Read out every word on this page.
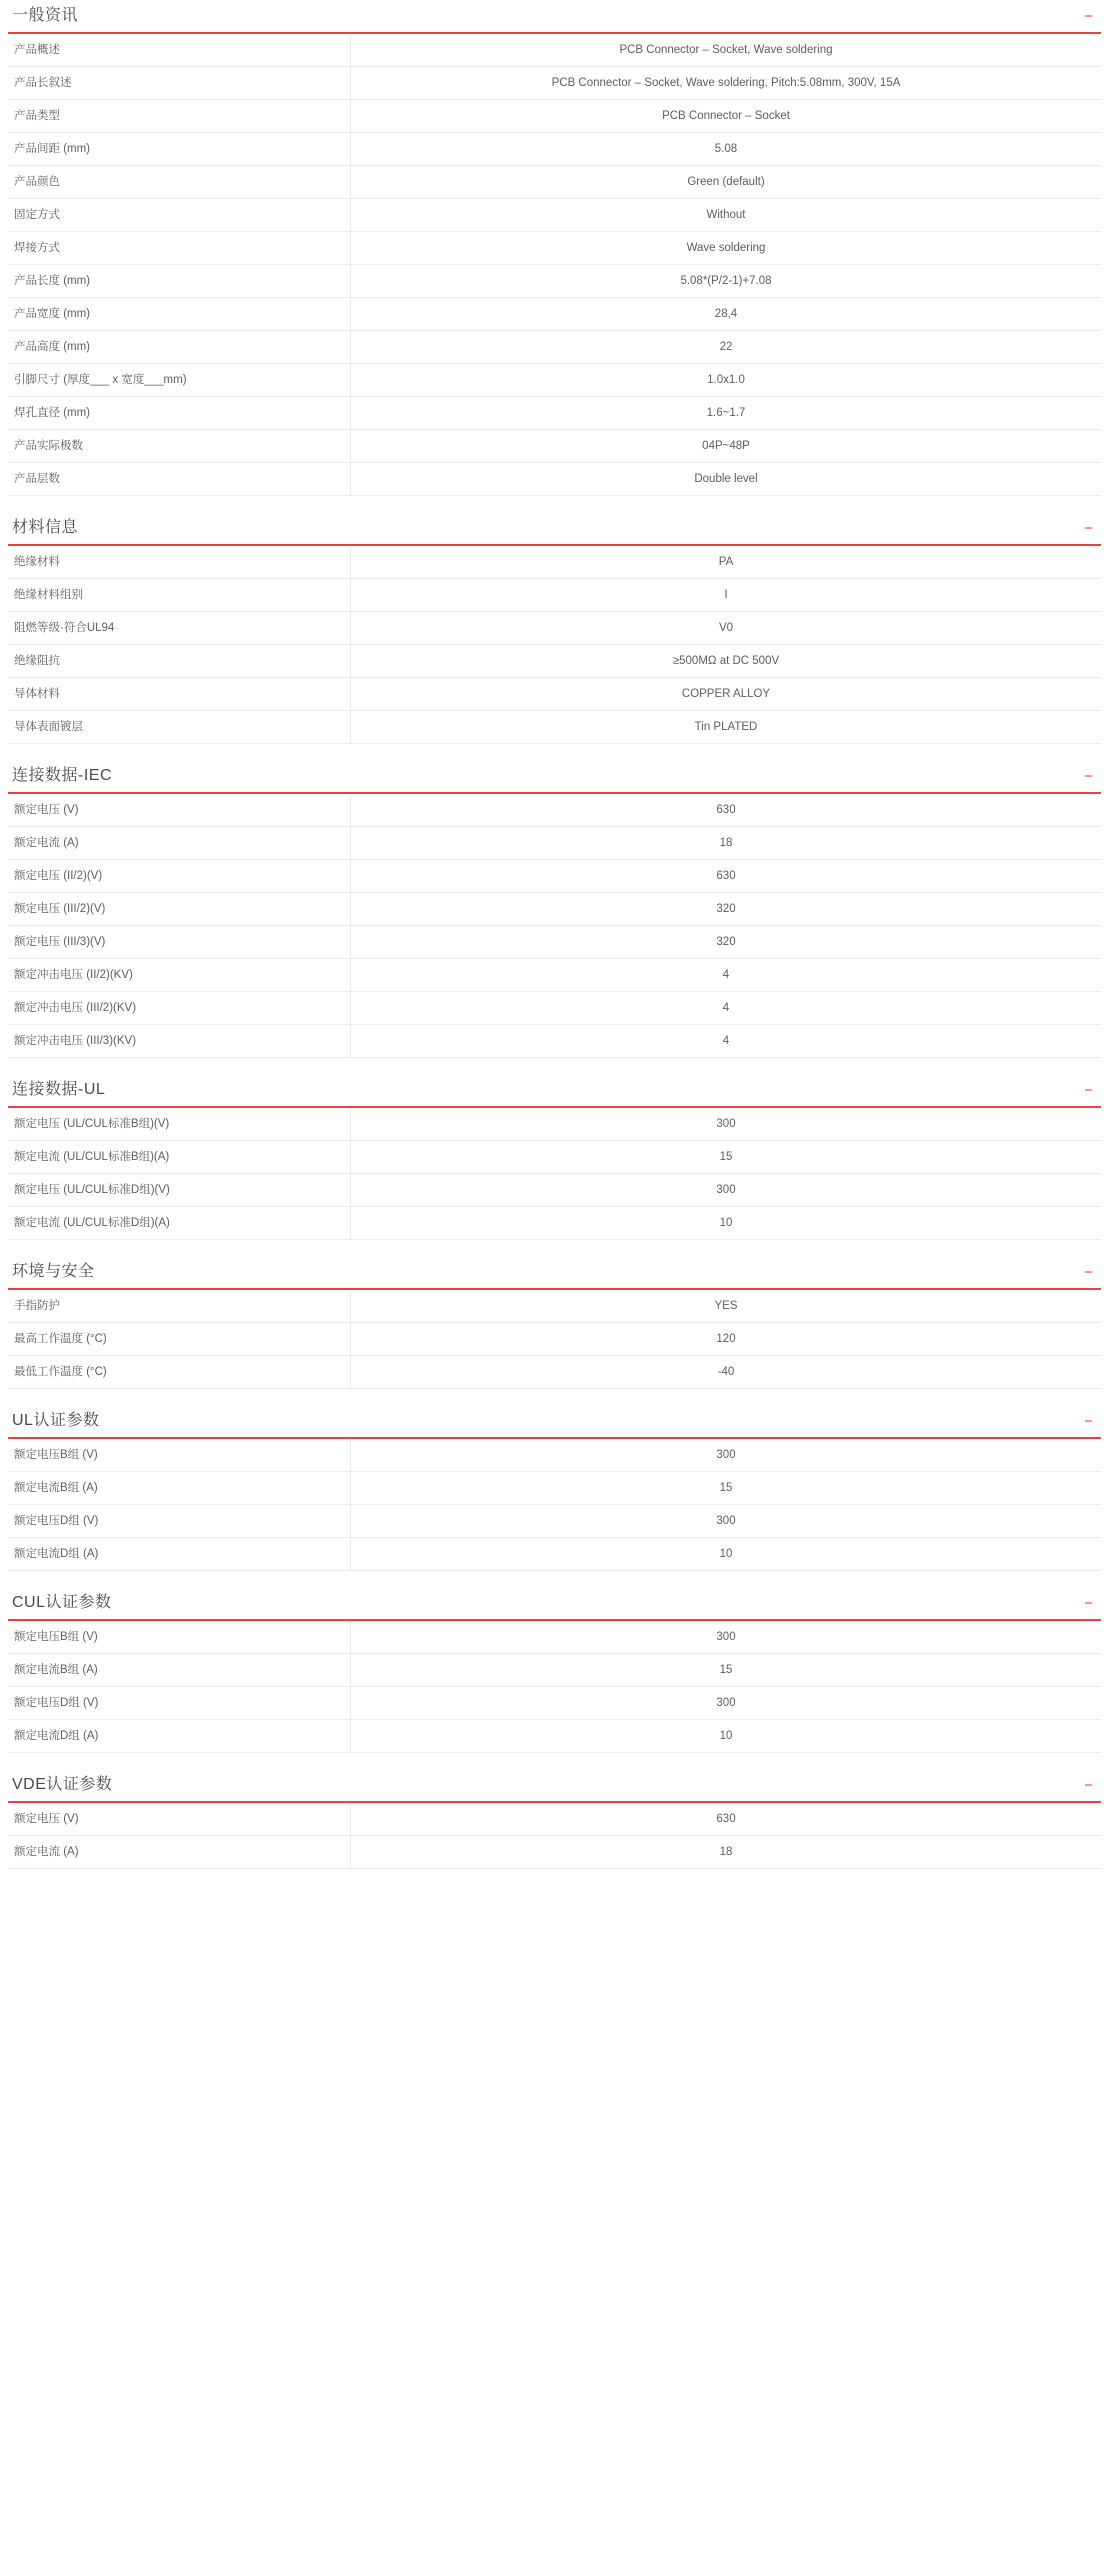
一般资讯	−
产品概述	PCB Connector – Socket, Wave soldering
产品长叙述	PCB Connector – Socket, Wave soldering, Pitch:5.08mm, 300V, 15A
产品类型	PCB Connector – Socket
产品间距 (mm)	5.08
产品颜色	Green (default)
固定方式	Without
焊接方式	Wave soldering
产品长度 (mm)	5.08*(P/2-1)+7.08
产品宽度 (mm)	28,4
产品高度 (mm)	22
引脚尺寸 (厚度___ x 宽度___mm)	1.0x1.0
焊孔直径 (mm)	1.6~1.7
产品实际极数	04P~48P
产品层数	Double level
材料信息	−
绝缘材料	PA
绝缘材料组别	I
阻燃等级·符合UL94	V0
绝缘阻抗	≥500MΩ at DC 500V
导体材料	COPPER ALLOY
导体表面镀层	Tin PLATED
连接数据-IEC	−
额定电压 (V)	630
额定电流 (A)	18
额定电压 (II/2)(V)	630
额定电压 (III/2)(V)	320
额定电压 (III/3)(V)	320
额定冲击电压 (II/2)(KV)	4
额定冲击电压 (III/2)(KV)	4
额定冲击电压 (III/3)(KV)	4
连接数据-UL	−
额定电压 (UL/CUL标准B组)(V)	300
额定电流 (UL/CUL标准B组)(A)	15
额定电压 (UL/CUL标准D组)(V)	300
额定电流 (UL/CUL标准D组)(A)	10
环境与安全	−
手指防护	YES
最高工作温度 (°C)	120
最低工作温度 (°C)	-40
UL认证参数	−
额定电压B组 (V)	300
额定电流B组 (A)	15
额定电压D组 (V)	300
额定电流D组 (A)	10
CUL认证参数	−
额定电压B组 (V)	300
额定电流B组 (A)	15
额定电压D组 (V)	300
额定电流D组 (A)	10
VDE认证参数	−
额定电压 (V)	630
额定电流 (A)	18
